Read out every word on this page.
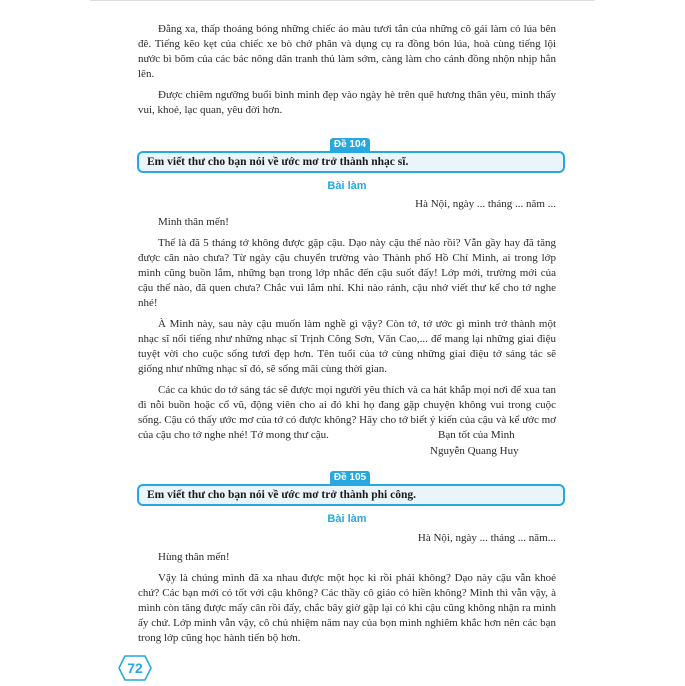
Đằng xa, thấp thoáng bóng những chiếc áo màu tươi tắn của những cô gái làm cỏ lúa bên đê. Tiếng kẽo kẹt của chiếc xe bò chở phân và dụng cụ ra đồng bón lúa, hoà cùng tiếng lội nước bì bõm của các bác nông dân tranh thủ làm sớm, càng làm cho cánh đồng nhộn nhịp hẳn lên.

Được chiêm ngưỡng buổi bình minh đẹp vào ngày hè trên quê hương thân yêu, mình thấy vui, khoẻ, lạc quan, yêu đời hơn.

Đề 104
Em viết thư cho bạn nói về ước mơ trở thành nhạc sĩ.
Bài làm
Hà Nội, ngày ... tháng ... năm ...

Minh thân mến!

Thế là đã 5 tháng tớ không được gặp cậu. Dạo này cậu thế nào rồi? Vẫn gầy hay đã tăng được cân nào chưa? Từ ngày cậu chuyển trường vào Thành phố Hồ Chí Minh, ai trong lớp mình cũng buồn lắm, những bạn trong lớp nhắc đến cậu suốt đấy! Lớp mới, trường mới của cậu thế nào, đã quen chưa? Chắc vui lắm nhỉ. Khi nào rảnh, cậu nhớ viết thư kể cho tớ nghe nhé!

À Minh này, sau này cậu muốn làm nghề gì vậy? Còn tớ, tớ ước gì mình trở thành một nhạc sĩ nổi tiếng như những nhạc sĩ Trịnh Công Sơn, Văn Cao,... để mang lại những giai điệu tuyệt vời cho cuộc sống tươi đẹp hơn. Tên tuổi của tớ cùng những giai điệu tớ sáng tác sẽ giống như những nhạc sĩ đó, sẽ sống mãi cùng thời gian.

Các ca khúc do tớ sáng tác sẽ được mọi người yêu thích và ca hát khắp mọi nơi để xua tan đi nỗi buồn hoặc cổ vũ, động viên cho ai đó khi họ đang gặp chuyện không vui trong cuộc sống. Cậu có thấy ước mơ của tớ có được không? Hãy cho tớ biết ý kiến của cậu và kể ước mơ của cậu cho tớ nghe nhé! Tớ mong thư cậu.	Bạn tốt của Minh
Nguyễn Quang Huy
Đề 105
Em viết thư cho bạn nói về ước mơ trở thành phi công.
Bài làm
Hà Nội, ngày ... tháng ... năm...

Hùng thân mến!

Vậy là chúng mình đã xa nhau được một học kì rồi phải không? Dạo này cậu vẫn khoẻ chứ? Các bạn mới có tốt với cậu không? Các thầy cô giáo có hiền không? Mình thì vẫn vậy, à mình còn tăng được mấy cân rồi đấy, chắc bây giờ gặp lại có khi cậu cũng không nhận ra mình ấy chứ. Lớp mình vẫn vậy, cô chủ nhiệm năm nay của bọn mình nghiêm khắc hơn nên các bạn trong lớp cũng học hành tiến bộ hơn.

72
